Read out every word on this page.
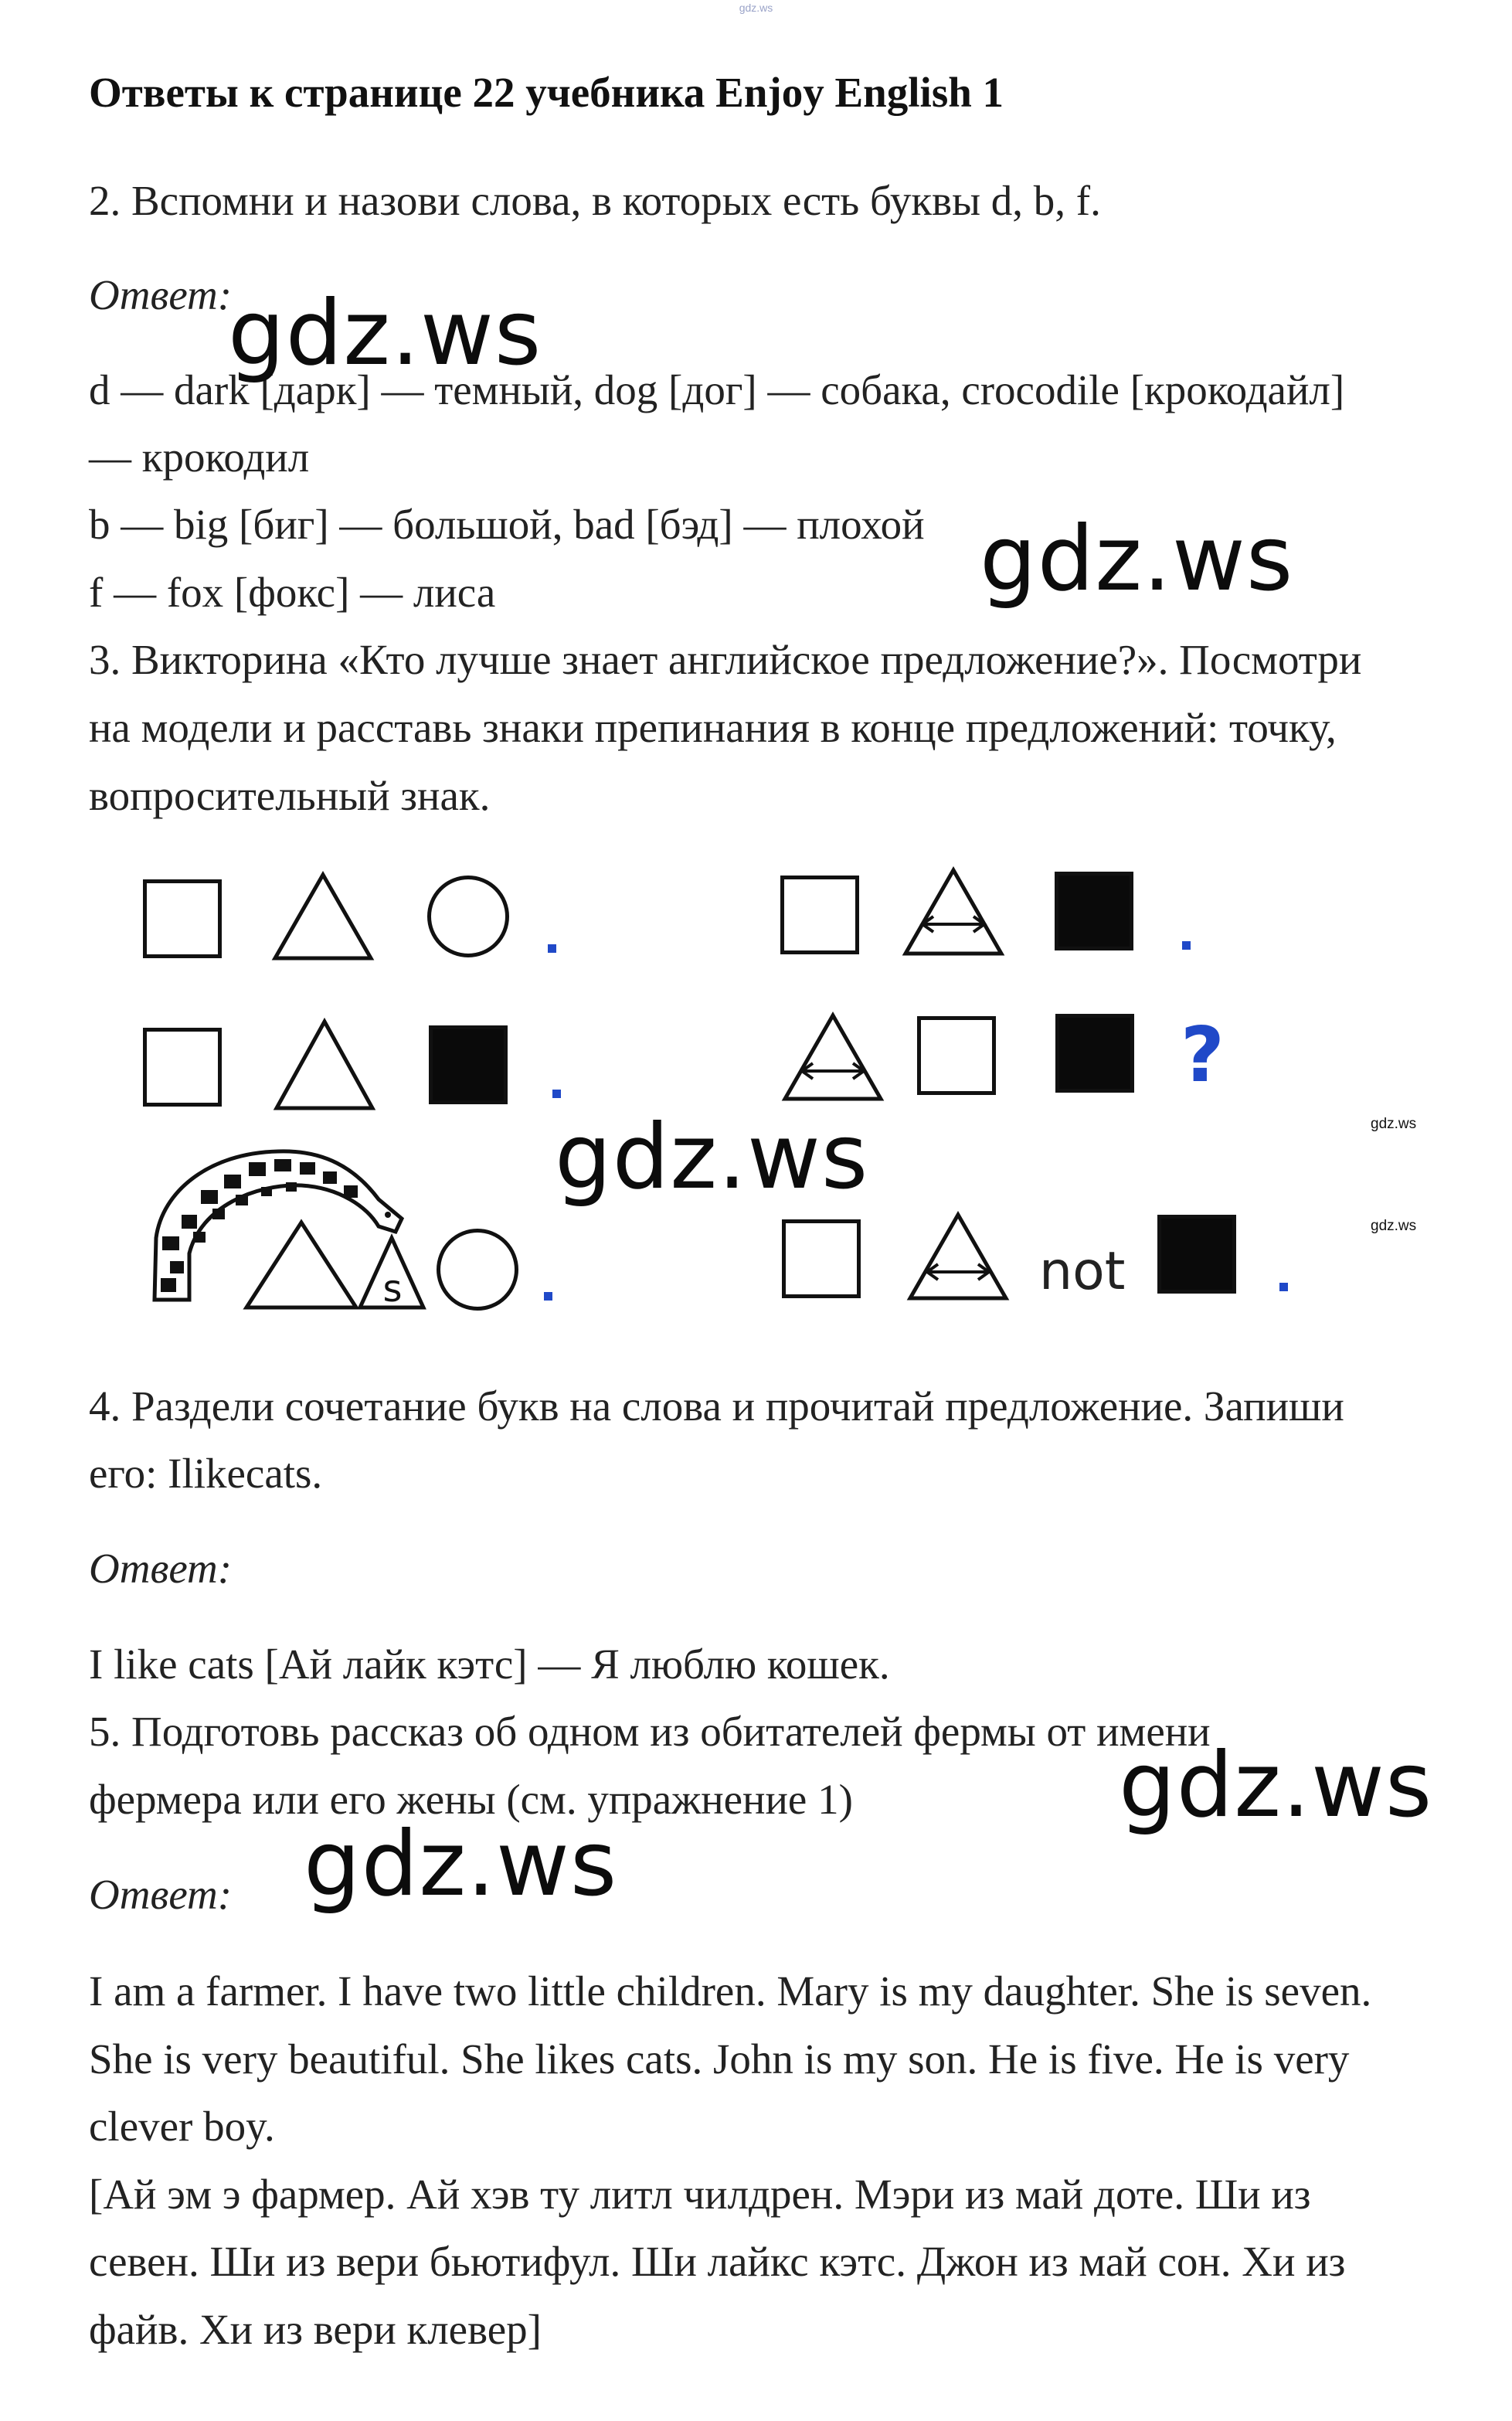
gdz.ws
Ответы к странице 22 учебника Enjoy English 1
2. Вспомни и назови слова, в которых есть буквы d, b, f.
Ответ:
d — dark [дарк] — темный, dog [дог] — собака, crocodile [крокодайл]
— крокодил
b — big [биг] — большой, bad [бэд] — плохой
f — fox [фокс] — лиса
3. Викторина «Кто лучше знает английское предложение?». Посмотри
на модели и расставь знаки препинания в конце предложений: точку,
вопросительный знак.
?
s	not
4. Раздели сочетание букв на слова и прочитай предложение. Запиши
его: Ilikecats.
Ответ:
I like cats [Ай лайк кэтс] — Я люблю кошек.
5. Подготовь рассказ об одном из обитателей фермы от имени
фермера или его жены (см. упражнение 1)
Ответ:
I am a farmer. I have two little children. Mary is my daughter. She is seven.
She is very beautiful. She likes cats. John is my son. He is five. He is very
clever boy.
[Ай эм э фармер. Ай хэв ту литл чилдрен. Мэри из май доте. Ши из
севен. Ши из вери бьютифул. Ши лайкс кэтс. Джон из май сон. Хи из
файв. Хи из вери клевер]
gdz.ws
gdz.ws
gdz.ws
gdz.ws
gdz.ws
gdz.ws
gdz.ws
